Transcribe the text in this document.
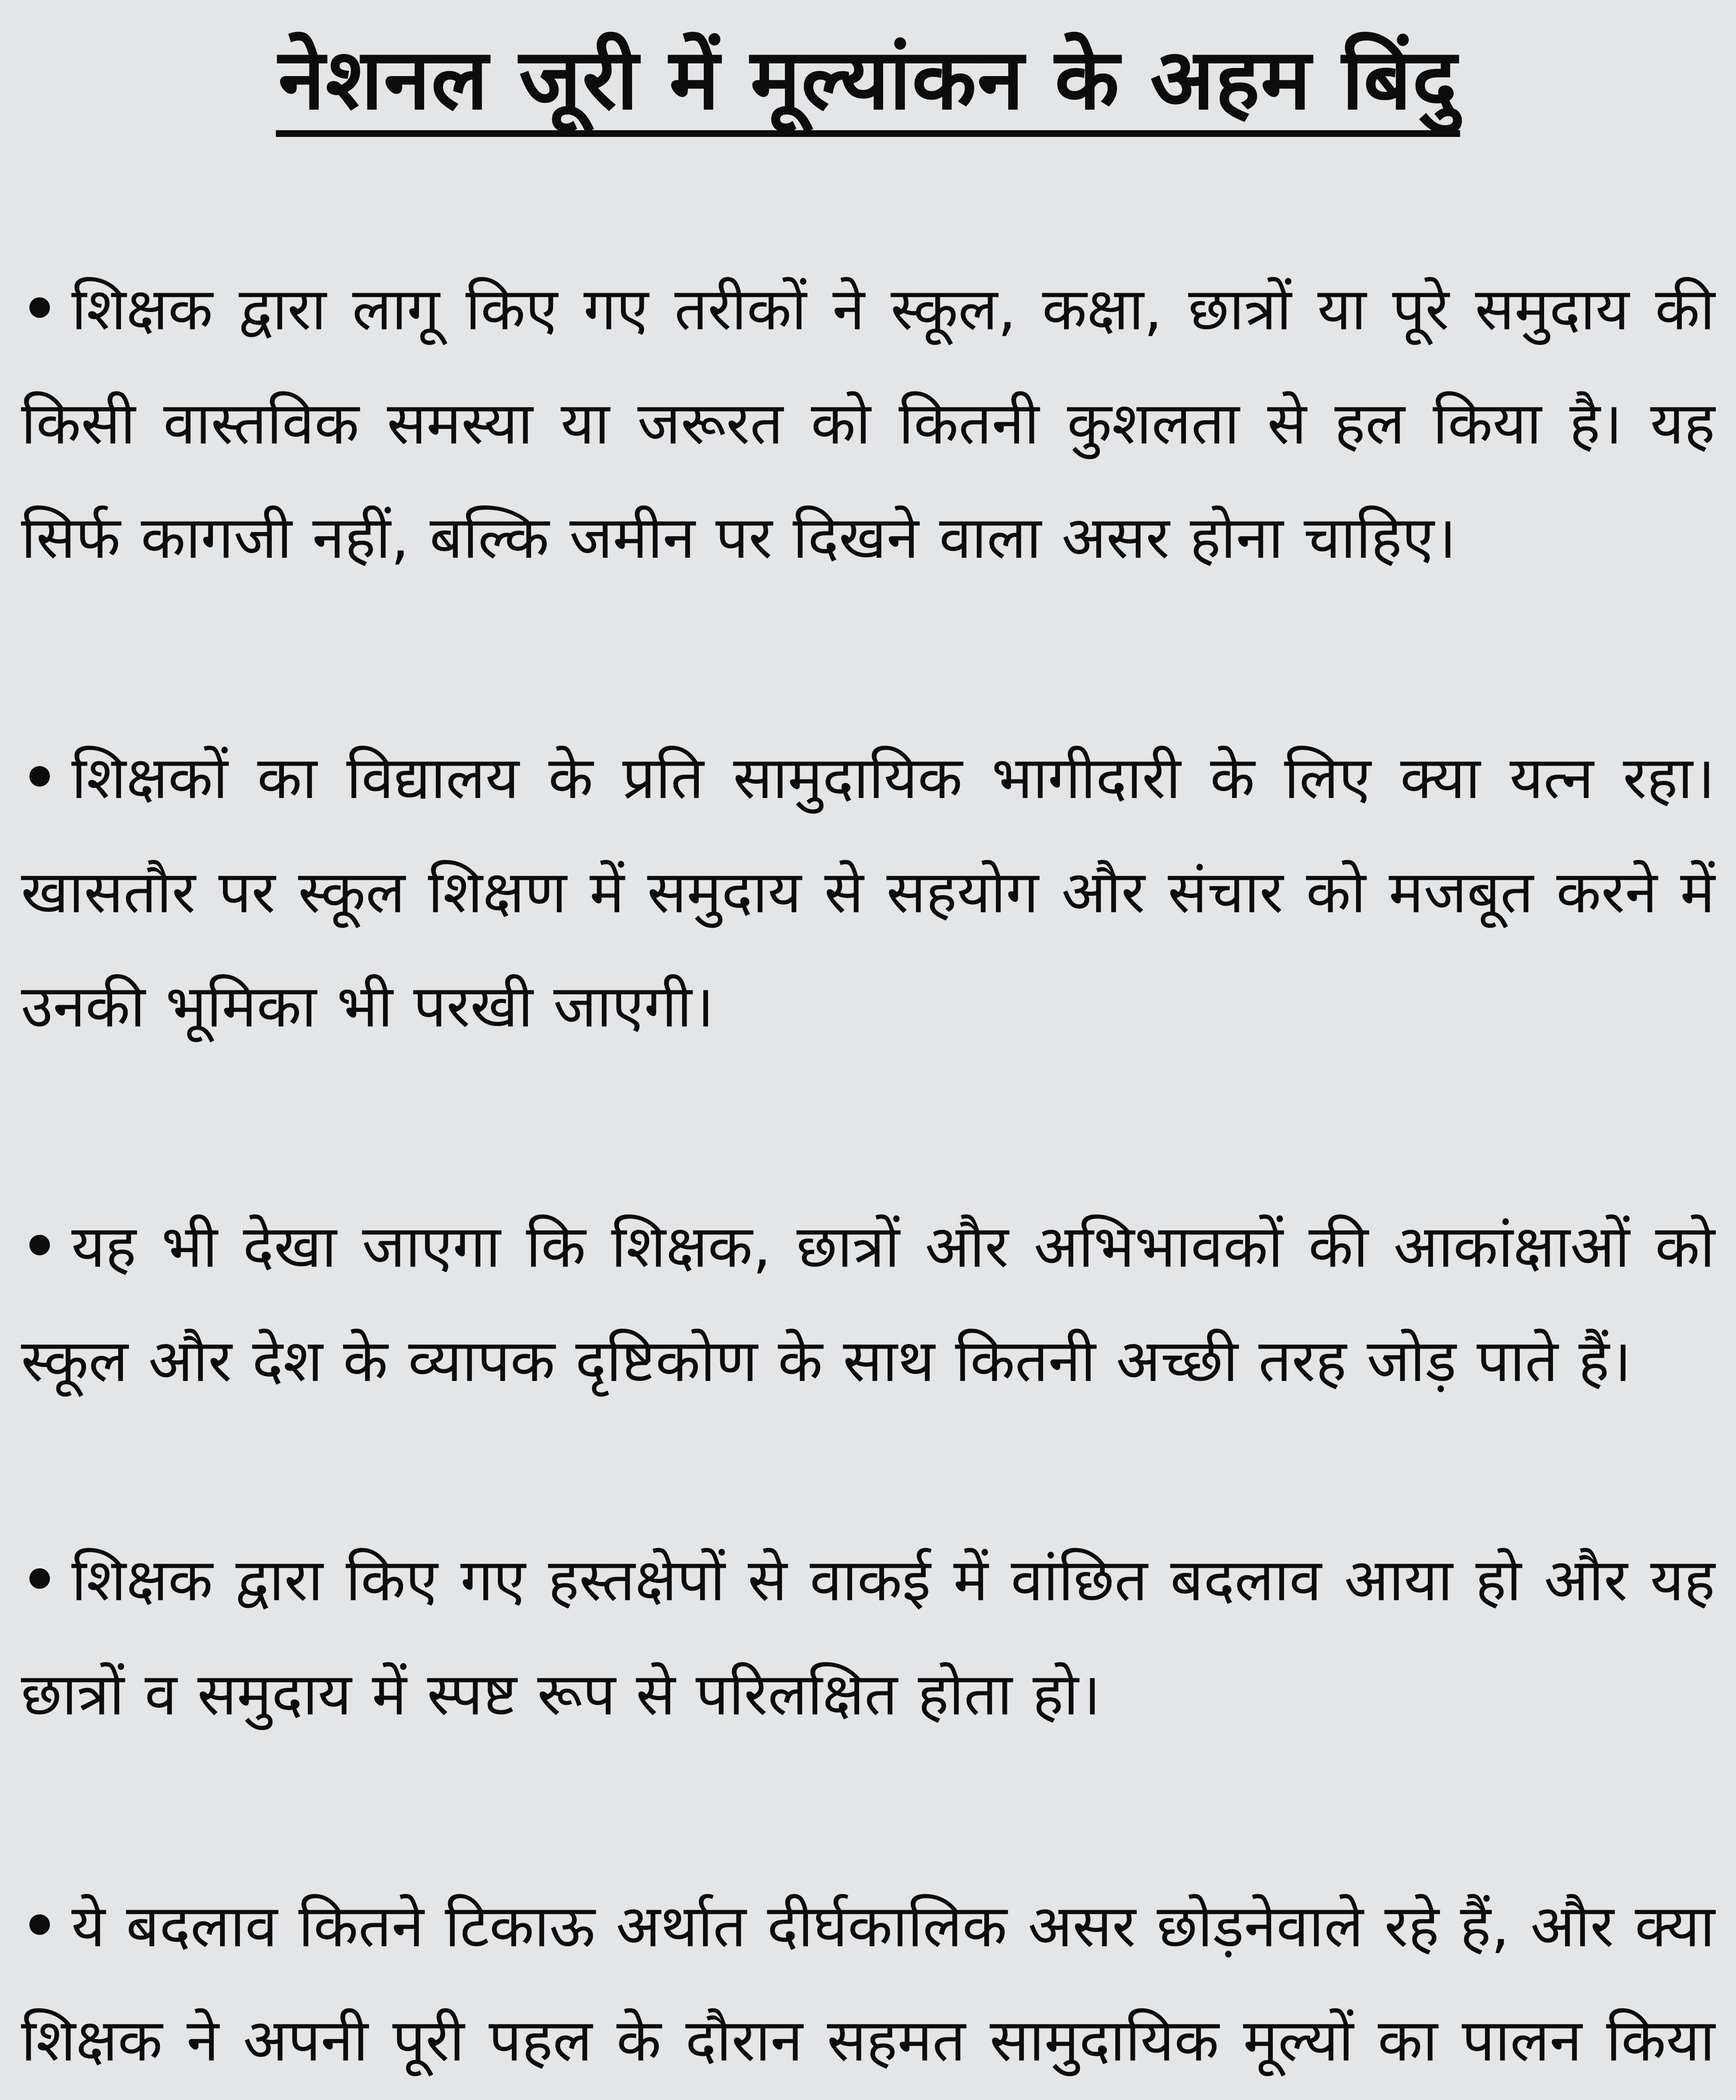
नेशनल जूरी में मूल्यांकन के अहम बिंदु

• शिक्षक द्वारा लागू किए गए तरीकों ने स्कूल, कक्षा, छात्रों या पूरे समुदाय की किसी वास्तविक समस्या या जरूरत को कितनी कुशलता से हल किया है। यह सिर्फ कागजी नहीं, बल्कि जमीन पर दिखने वाला असर होना चाहिए।

• शिक्षकों का विद्यालय के प्रति सामुदायिक भागीदारी के लिए क्या यत्न रहा। खासतौर पर स्कूल शिक्षण में समुदाय से सहयोग और संचार को मजबूत करने में उनकी भूमिका भी परखी जाएगी।

• यह भी देखा जाएगा कि शिक्षक, छात्रों और अभिभावकों की आकांक्षाओं को स्कूल और देश के व्यापक दृष्टिकोण के साथ कितनी अच्छी तरह जोड़ पाते हैं।

• शिक्षक द्वारा किए गए हस्तक्षेपों से वाकई में वांछित बदलाव आया हो और यह छात्रों व समुदाय में स्पष्ट रूप से परिलक्षित होता हो।

• ये बदलाव कितने टिकाऊ अर्थात दीर्घकालिक असर छोड़नेवाले रहे हैं, और क्या शिक्षक ने अपनी पूरी पहल के दौरान सहमत सामुदायिक मूल्यों का पालन किया
